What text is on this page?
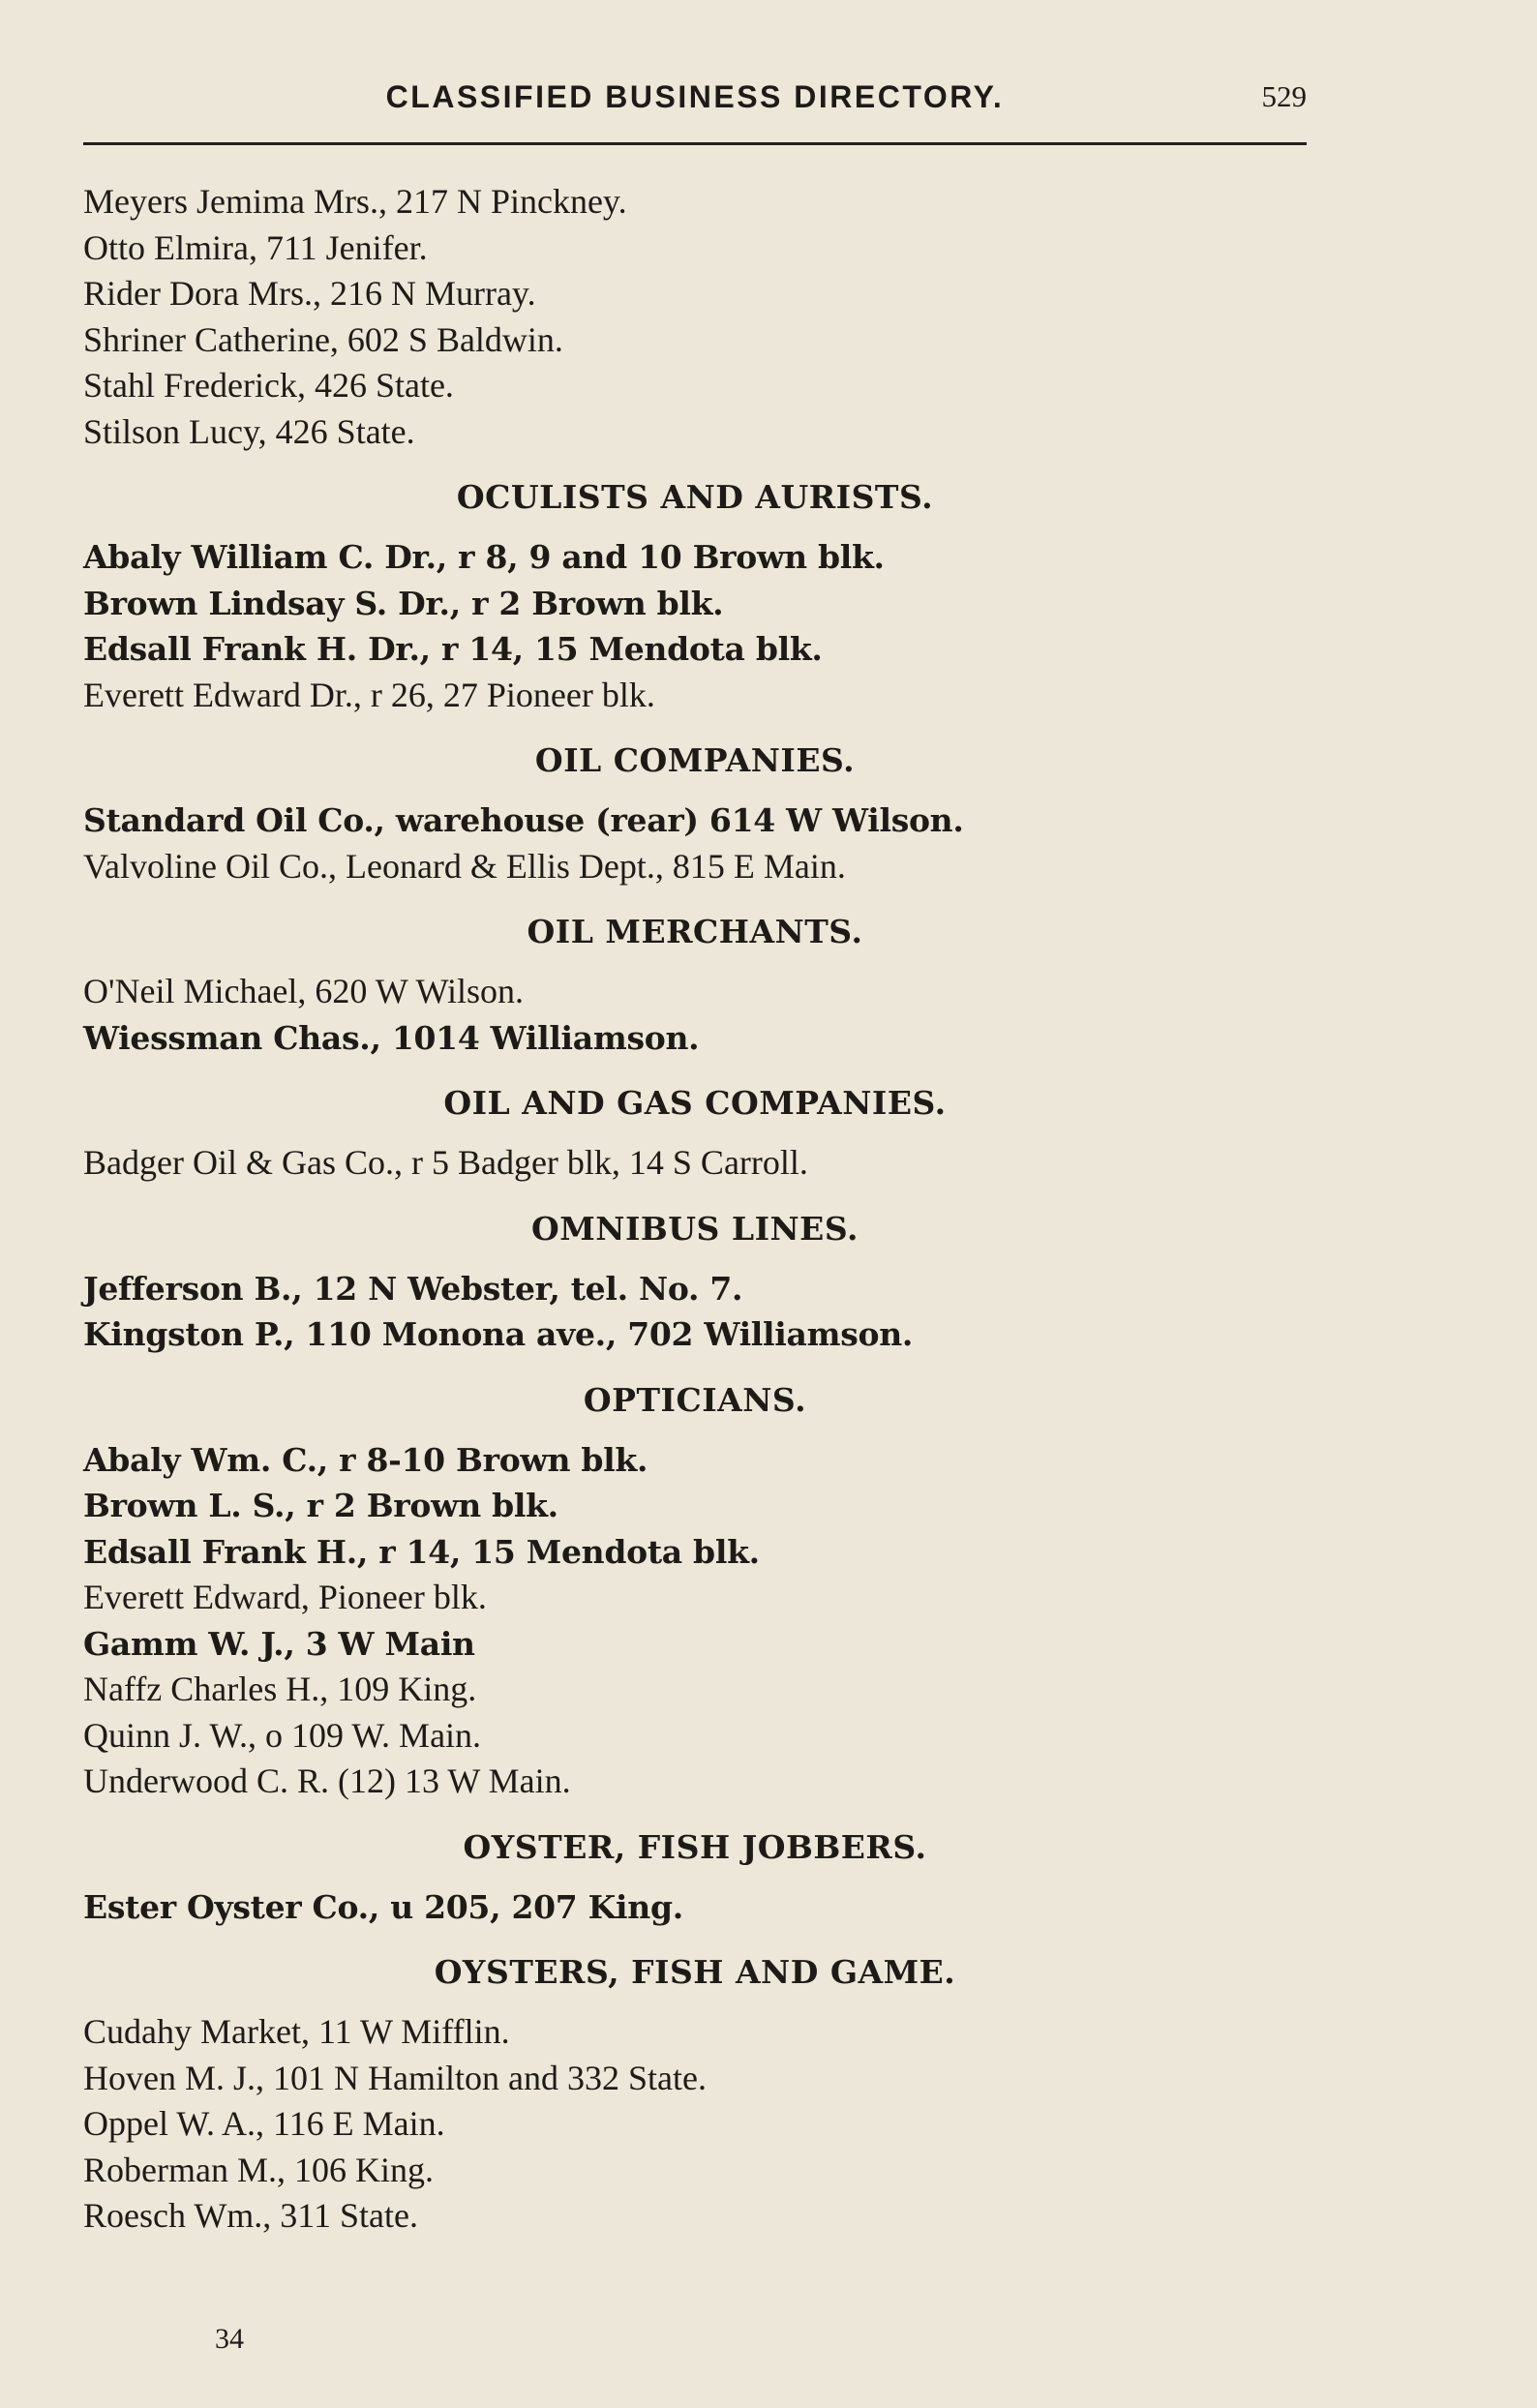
CLASSIFIED BUSINESS DIRECTORY.	529
Meyers Jemima Mrs., 217 N Pinckney.
Otto Elmira, 711 Jenifer.
Rider Dora Mrs., 216 N Murray.
Shriner Catherine, 602 S Baldwin.
Stahl Frederick, 426 State.
Stilson Lucy, 426 State.
OCULISTS AND AURISTS.
Abaly William C. Dr., r 8, 9 and 10 Brown blk.
Brown Lindsay S. Dr., r 2 Brown blk.
Edsall Frank H. Dr., r 14, 15 Mendota blk.
Everett Edward Dr., r 26, 27 Pioneer blk.
OIL COMPANIES.
Standard Oil Co., warehouse (rear) 614 W Wilson.
Valvoline Oil Co., Leonard & Ellis Dept., 815 E Main.
OIL MERCHANTS.
O'Neil Michael, 620 W Wilson.
Wiessman Chas., 1014 Williamson.
OIL AND GAS COMPANIES.
Badger Oil & Gas Co., r 5 Badger blk, 14 S Carroll.
OMNIBUS LINES.
Jefferson B., 12 N Webster, tel. No. 7.
Kingston P., 110 Monona ave., 702 Williamson.
OPTICIANS.
Abaly Wm. C., r 8-10 Brown blk.
Brown L. S., r 2 Brown blk.
Edsall Frank H., r 14, 15 Mendota blk.
Everett Edward, Pioneer blk.
Gamm W. J., 3 W Main
Naffz Charles H., 109 King.
Quinn J. W., o 109 W. Main.
Underwood C. R. (12) 13 W Main.
OYSTER, FISH JOBBERS.
Ester Oyster Co., u 205, 207 King.
OYSTERS, FISH AND GAME.
Cudahy Market, 11 W Mifflin.
Hoven M. J., 101 N Hamilton and 332 State.
Oppel W. A., 116 E Main.
Roberman M., 106 King.
Roesch Wm., 311 State.
34
